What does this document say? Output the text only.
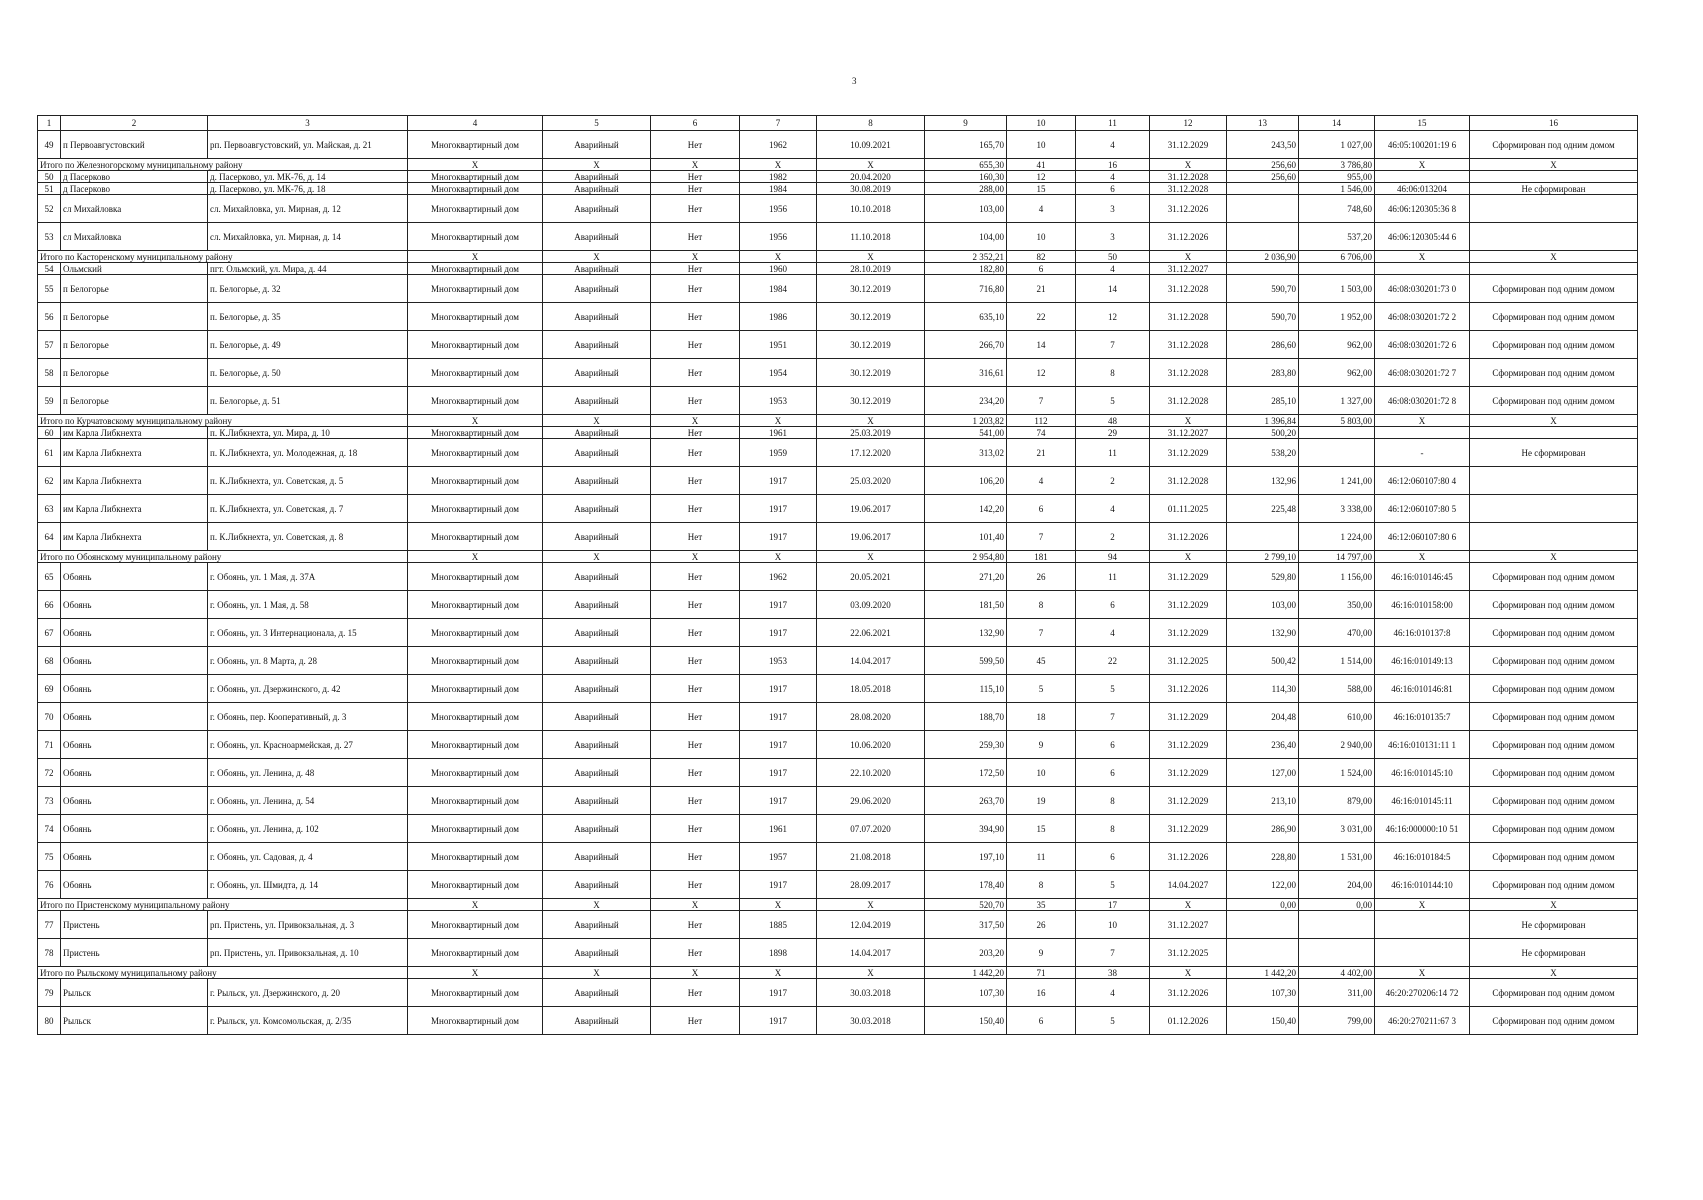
3
1	2	3	4	5	6	7	8	9	10	11	12	13	14	15	16
49	п Первоавгустовский	рп. Первоавгустовский, ул. Майская, д. 21	Многоквартирный дом	Аварийный	Нет	1962	10.09.2021	165,70	10	4	31.12.2029	243,50	1 027,00	46:05:100201:19 6	Сформирован под одним домом
Итого по Железногорскому муниципальному району			X	X	X	X	X	655,30	41	16	X	256,60	3 786,80	X	X
50	д Пасерково	д. Пасерково, ул. МК-76, д. 14	Многоквартирный дом	Аварийный	Нет	1982	20.04.2020	160,30	12	4	31.12.2028	256,60	955,00		
51	д Пасерково	д. Пасерково, ул. МК-76, д. 18	Многоквартирный дом	Аварийный	Нет	1984	30.08.2019	288,00	15	6	31.12.2028		1 546,00	46:06:013204	Не сформирован
52	сл Михайловка	сл. Михайловка, ул. Мирная, д. 12	Многоквартирный дом	Аварийный	Нет	1956	10.10.2018	103,00	4	3	31.12.2026		748,60	46:06:120305:36 8	
53	сл Михайловка	сл. Михайловка, ул. Мирная, д. 14	Многоквартирный дом	Аварийный	Нет	1956	11.10.2018	104,00	10	3	31.12.2026		537,20	46:06:120305:44 6	
Итого по Касторенскому муниципальному району			X	X	X	X	X	2 352,21	82	50	X	2 036,90	6 706,00	X	X
54	Ольмский	пгт. Ольмский, ул. Мира, д. 44	Многоквартирный дом	Аварийный	Нет	1960	28.10.2019	182,80	6	4	31.12.2027				
55	п Белогорье	п. Белогорье, д. 32	Многоквартирный дом	Аварийный	Нет	1984	30.12.2019	716,80	21	14	31.12.2028	590,70	1 503,00	46:08:030201:73 0	Сформирован под одним домом
56	п Белогорье	п. Белогорье, д. 35	Многоквартирный дом	Аварийный	Нет	1986	30.12.2019	635,10	22	12	31.12.2028	590,70	1 952,00	46:08:030201:72 2	Сформирован под одним домом
57	п Белогорье	п. Белогорье, д. 49	Многоквартирный дом	Аварийный	Нет	1951	30.12.2019	266,70	14	7	31.12.2028	286,60	962,00	46:08:030201:72 6	Сформирован под одним домом
58	п Белогорье	п. Белогорье, д. 50	Многоквартирный дом	Аварийный	Нет	1954	30.12.2019	316,61	12	8	31.12.2028	283,80	962,00	46:08:030201:72 7	Сформирован под одним домом
59	п Белогорье	п. Белогорье, д. 51	Многоквартирный дом	Аварийный	Нет	1953	30.12.2019	234,20	7	5	31.12.2028	285,10	1 327,00	46:08:030201:72 8	Сформирован под одним домом
Итого по Курчатовскому муниципальному району			X	X	X	X	X	1 203,82	112	48	X	1 396,84	5 803,00	X	X
60	им Карла Либкнехта	п. К.Либкнехта, ул. Мира, д. 10	Многоквартирный дом	Аварийный	Нет	1961	25.03.2019	541,00	74	29	31.12.2027	500,20			
61	им Карла Либкнехта	п. К.Либкнехта, ул. Молодежная, д. 18	Многоквартирный дом	Аварийный	Нет	1959	17.12.2020	313,02	21	11	31.12.2029	538,20		-	Не сформирован
62	им Карла Либкнехта	п. К.Либкнехта, ул. Советская, д. 5	Многоквартирный дом	Аварийный	Нет	1917	25.03.2020	106,20	4	2	31.12.2028	132,96	1 241,00	46:12:060107:80 4	
63	им Карла Либкнехта	п. К.Либкнехта, ул. Советская, д. 7	Многоквартирный дом	Аварийный	Нет	1917	19.06.2017	142,20	6	4	01.11.2025	225,48	3 338,00	46:12:060107:80 5	
64	им Карла Либкнехта	п. К.Либкнехта, ул. Советская, д. 8	Многоквартирный дом	Аварийный	Нет	1917	19.06.2017	101,40	7	2	31.12.2026		1 224,00	46:12:060107:80 6	
Итого по Обоянскому муниципальному району			X	X	X	X	X	2 954,80	181	94	X	2 799,10	14 797,00	X	X
65	Обоянь	г. Обоянь, ул. 1 Мая, д. 37А	Многоквартирный дом	Аварийный	Нет	1962	20.05.2021	271,20	26	11	31.12.2029	529,80	1 156,00	46:16:010146:45	Сформирован под одним домом
66	Обоянь	г. Обоянь, ул. 1 Мая, д. 58	Многоквартирный дом	Аварийный	Нет	1917	03.09.2020	181,50	8	6	31.12.2029	103,00	350,00	46:16:010158:00	Сформирован под одним домом
67	Обоянь	г. Обоянь, ул. 3 Интернационала, д. 15	Многоквартирный дом	Аварийный	Нет	1917	22.06.2021	132,90	7	4	31.12.2029	132,90	470,00	46:16:010137:8	Сформирован под одним домом
68	Обоянь	г. Обоянь, ул. 8 Марта, д. 28	Многоквартирный дом	Аварийный	Нет	1953	14.04.2017	599,50	45	22	31.12.2025	500,42	1 514,00	46:16:010149:13	Сформирован под одним домом
69	Обоянь	г. Обоянь, ул. Дзержинского, д. 42	Многоквартирный дом	Аварийный	Нет	1917	18.05.2018	115,10	5	5	31.12.2026	114,30	588,00	46:16:010146:81	Сформирован под одним домом
70	Обоянь	г. Обоянь, пер. Кооперативный, д. 3	Многоквартирный дом	Аварийный	Нет	1917	28.08.2020	188,70	18	7	31.12.2029	204,48	610,00	46:16:010135:7	Сформирован под одним домом
71	Обоянь	г. Обоянь, ул. Красноармейская, д. 27	Многоквартирный дом	Аварийный	Нет	1917	10.06.2020	259,30	9	6	31.12.2029	236,40	2 940,00	46:16:010131:11 1	Сформирован под одним домом
72	Обоянь	г. Обоянь, ул. Ленина, д. 48	Многоквартирный дом	Аварийный	Нет	1917	22.10.2020	172,50	10	6	31.12.2029	127,00	1 524,00	46:16:010145:10	Сформирован под одним домом
73	Обоянь	г. Обоянь, ул. Ленина, д. 54	Многоквартирный дом	Аварийный	Нет	1917	29.06.2020	263,70	19	8	31.12.2029	213,10	879,00	46:16:010145:11	Сформирован под одним домом
74	Обоянь	г. Обоянь, ул. Ленина, д. 102	Многоквартирный дом	Аварийный	Нет	1961	07.07.2020	394,90	15	8	31.12.2029	286,90	3 031,00	46:16:000000:10 51	Сформирован под одним домом
75	Обоянь	г. Обоянь, ул. Садовая, д. 4	Многоквартирный дом	Аварийный	Нет	1957	21.08.2018	197,10	11	6	31.12.2026	228,80	1 531,00	46:16:010184:5	Сформирован под одним домом
76	Обоянь	г. Обоянь, ул. Шмидта, д. 14	Многоквартирный дом	Аварийный	Нет	1917	28.09.2017	178,40	8	5	14.04.2027	122,00	204,00	46:16:010144:10	Сформирован под одним домом
Итого по Пристенскому муниципальному району			X	X	X	X	X	520,70	35	17	X	0,00	0,00	X	X
77	Пристень	рп. Пристень, ул. Привокзальная, д. 3	Многоквартирный дом	Аварийный	Нет	1885	12.04.2019	317,50	26	10	31.12.2027				Не сформирован
78	Пристень	рп. Пристень, ул. Привокзальная, д. 10	Многоквартирный дом	Аварийный	Нет	1898	14.04.2017	203,20	9	7	31.12.2025				Не сформирован
Итого по Рыльскому муниципальному району			X	X	X	X	X	1 442,20	71	38	X	1 442,20	4 402,00	X	X
79	Рыльск	г. Рыльск, ул. Дзержинского, д. 20	Многоквартирный дом	Аварийный	Нет	1917	30.03.2018	107,30	16	4	31.12.2026	107,30	311,00	46:20:270206:14 72	Сформирован под одним домом
80	Рыльск	г. Рыльск, ул. Комсомольская, д. 2/35	Многоквартирный дом	Аварийный	Нет	1917	30.03.2018	150,40	6	5	01.12.2026	150,40	799,00	46:20:270211:67 3	Сформирован под одним домом
